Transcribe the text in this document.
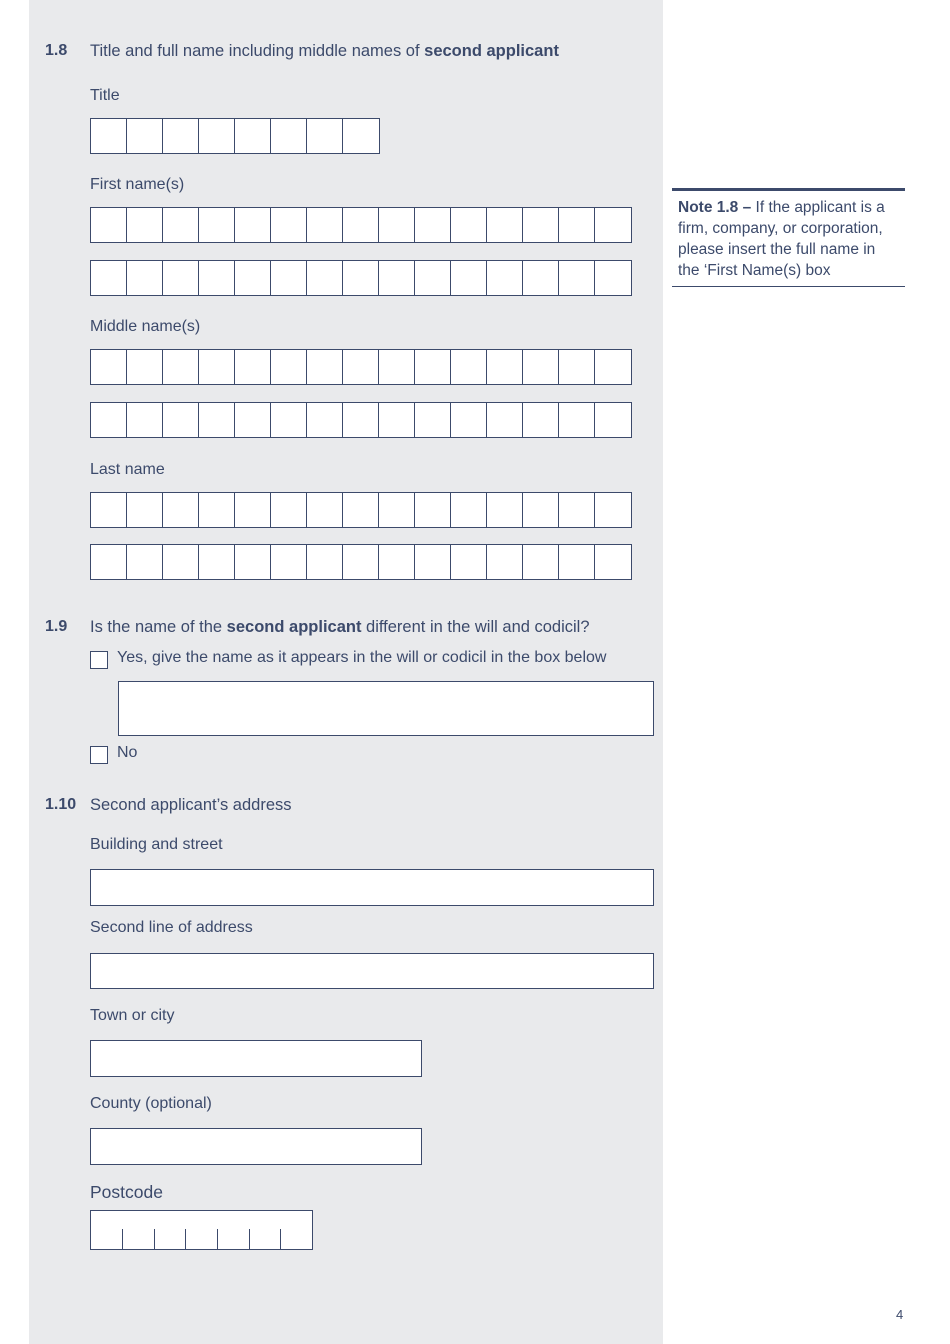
1.8 Title and full name including middle names of second applicant
Title
First name(s)
Middle name(s)
Last name
Note 1.8 – If the applicant is a firm, company, or corporation, please insert the full name in the ‘First Name(s) box
1.9 Is the name of the second applicant different in the will and codicil?
Yes, give the name as it appears in the will or codicil in the box below
No
1.10 Second applicant’s address
Building and street
Second line of address
Town or city
County (optional)
Postcode
4
